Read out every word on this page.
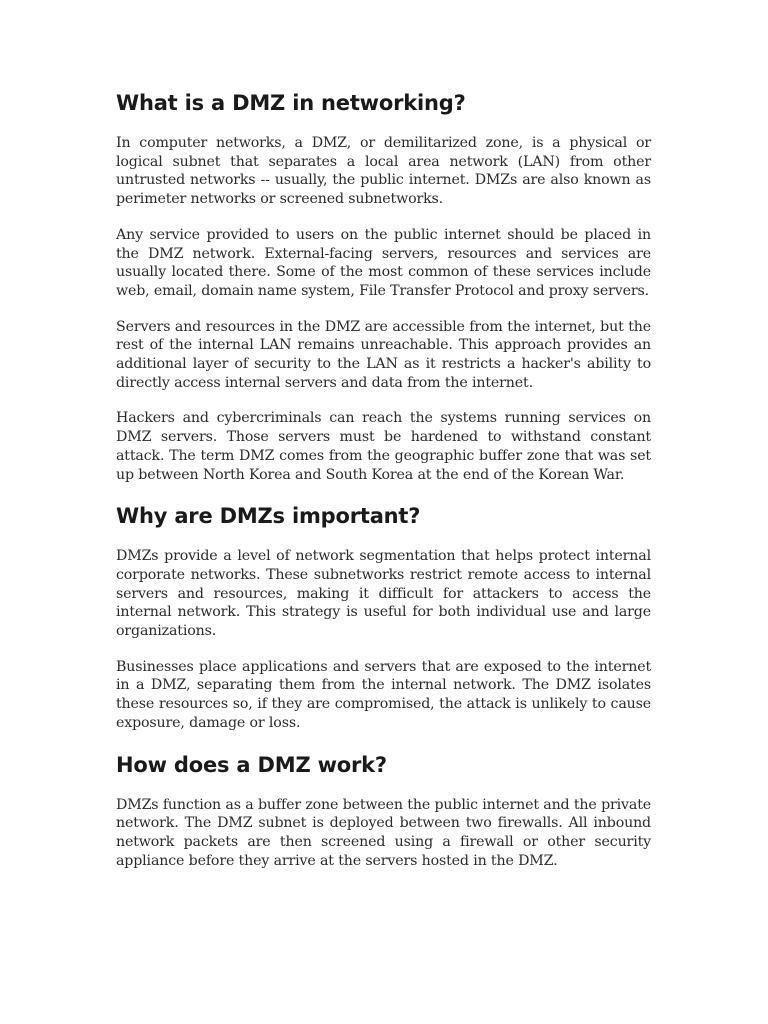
What is a DMZ in networking?

In computer networks, a DMZ, or demilitarized zone, is a physical or logical subnet that separates a local area network (LAN) from other untrusted networks -- usually, the public internet. DMZs are also known as perimeter networks or screened subnetworks.

Any service provided to users on the public internet should be placed in the DMZ network. External-facing servers, resources and services are usually located there. Some of the most common of these services include web, email, domain name system, File Transfer Protocol and proxy servers.

Servers and resources in the DMZ are accessible from the internet, but the rest of the internal LAN remains unreachable. This approach provides an additional layer of security to the LAN as it restricts a hacker's ability to directly access internal servers and data from the internet.

Hackers and cybercriminals can reach the systems running services on DMZ servers. Those servers must be hardened to withstand constant attack. The term DMZ comes from the geographic buffer zone that was set up between North Korea and South Korea at the end of the Korean War.

Why are DMZs important?

DMZs provide a level of network segmentation that helps protect internal corporate networks. These subnetworks restrict remote access to internal servers and resources, making it difficult for attackers to access the internal network. This strategy is useful for both individual use and large organizations.

Businesses place applications and servers that are exposed to the internet in a DMZ, separating them from the internal network. The DMZ isolates these resources so, if they are compromised, the attack is unlikely to cause exposure, damage or loss.

How does a DMZ work?

DMZs function as a buffer zone between the public internet and the private network. The DMZ subnet is deployed between two firewalls. All inbound network packets are then screened using a firewall or other security appliance before they arrive at the servers hosted in the DMZ.
